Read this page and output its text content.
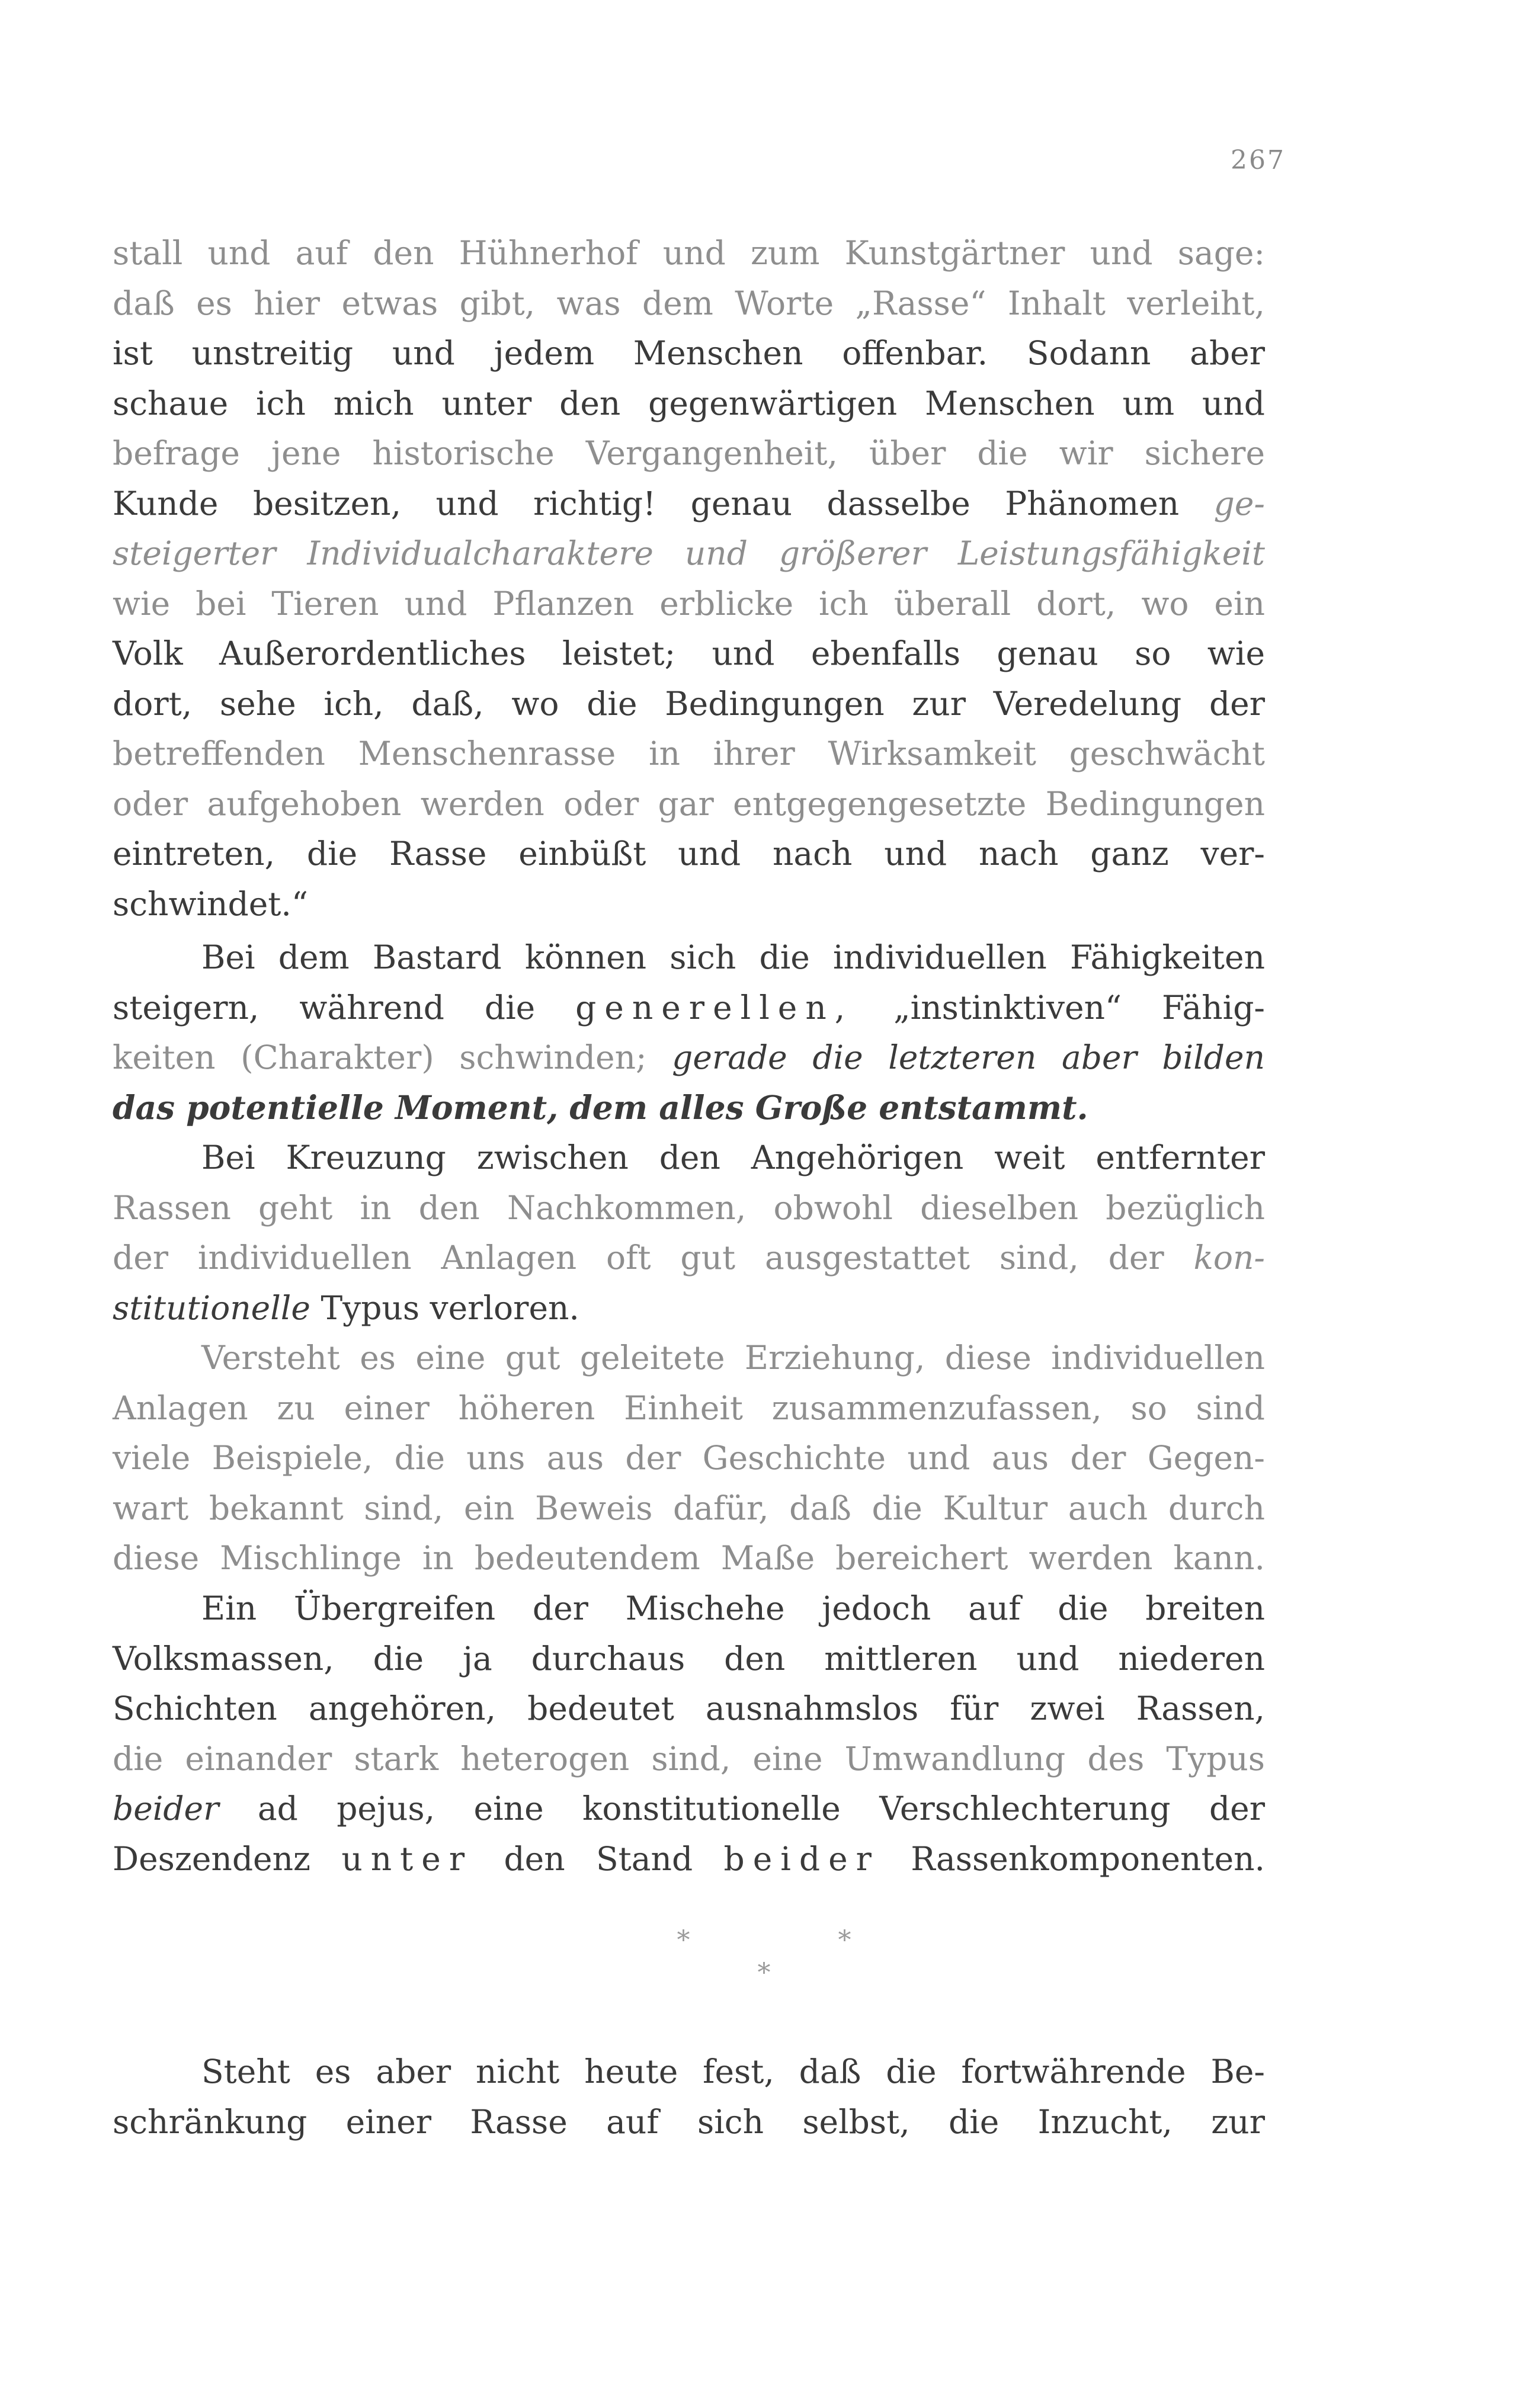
267
stall und auf den Hühnerhof und zum Kunstgärtner und sage:
daß es hier etwas gibt, was dem Worte „Rasse“ Inhalt verleiht,
ist unstreitig und jedem Menschen offenbar. Sodann aber
schaue ich mich unter den gegenwärtigen Menschen um und
befrage jene historische Vergangenheit, über die wir sichere
Kunde besitzen, und richtig! genau dasselbe Phänomen ge-
steigerter Individualcharaktere und größerer Leistungsfähigkeit
wie bei Tieren und Pflanzen erblicke ich überall dort, wo ein
Volk Außerordentliches leistet; und ebenfalls genau so wie
dort, sehe ich, daß, wo die Bedingungen zur Veredelung der
betreffenden Menschenrasse in ihrer Wirksamkeit geschwächt
oder aufgehoben werden oder gar entgegengesetzte Bedingungen
eintreten, die Rasse einbüßt und nach und nach ganz ver-
schwindet.“
Bei dem Bastard können sich die individuellen Fähigkeiten
steigern, während die generellen, „instinktiven“ Fähig-
keiten (Charakter) schwinden; gerade die letzteren aber bilden
das potentielle Moment, dem alles Große entstammt.
Bei Kreuzung zwischen den Angehörigen weit entfernter
Rassen geht in den Nachkommen, obwohl dieselben bezüglich
der individuellen Anlagen oft gut ausgestattet sind, der kon-
stitutionelle Typus verloren.
Versteht es eine gut geleitete Erziehung, diese individuellen
Anlagen zu einer höheren Einheit zusammenzufassen, so sind
viele Beispiele, die uns aus der Geschichte und aus der Gegen-
wart bekannt sind, ein Beweis dafür, daß die Kultur auch durch
diese Mischlinge in bedeutendem Maße bereichert werden kann.
Ein Übergreifen der Mischehe jedoch auf die breiten
Volksmassen, die ja durchaus den mittleren und niederen
Schichten angehören, bedeutet ausnahmslos für zwei Rassen,
die einander stark heterogen sind, eine Umwandlung des Typus
beider ad pejus, eine konstitutionelle Verschlechterung der
Deszendenz unter den Stand beider Rassenkomponenten.
*	*
*
Steht es aber nicht heute fest, daß die fortwährende Be-
schränkung einer Rasse auf sich selbst, die Inzucht, zur
